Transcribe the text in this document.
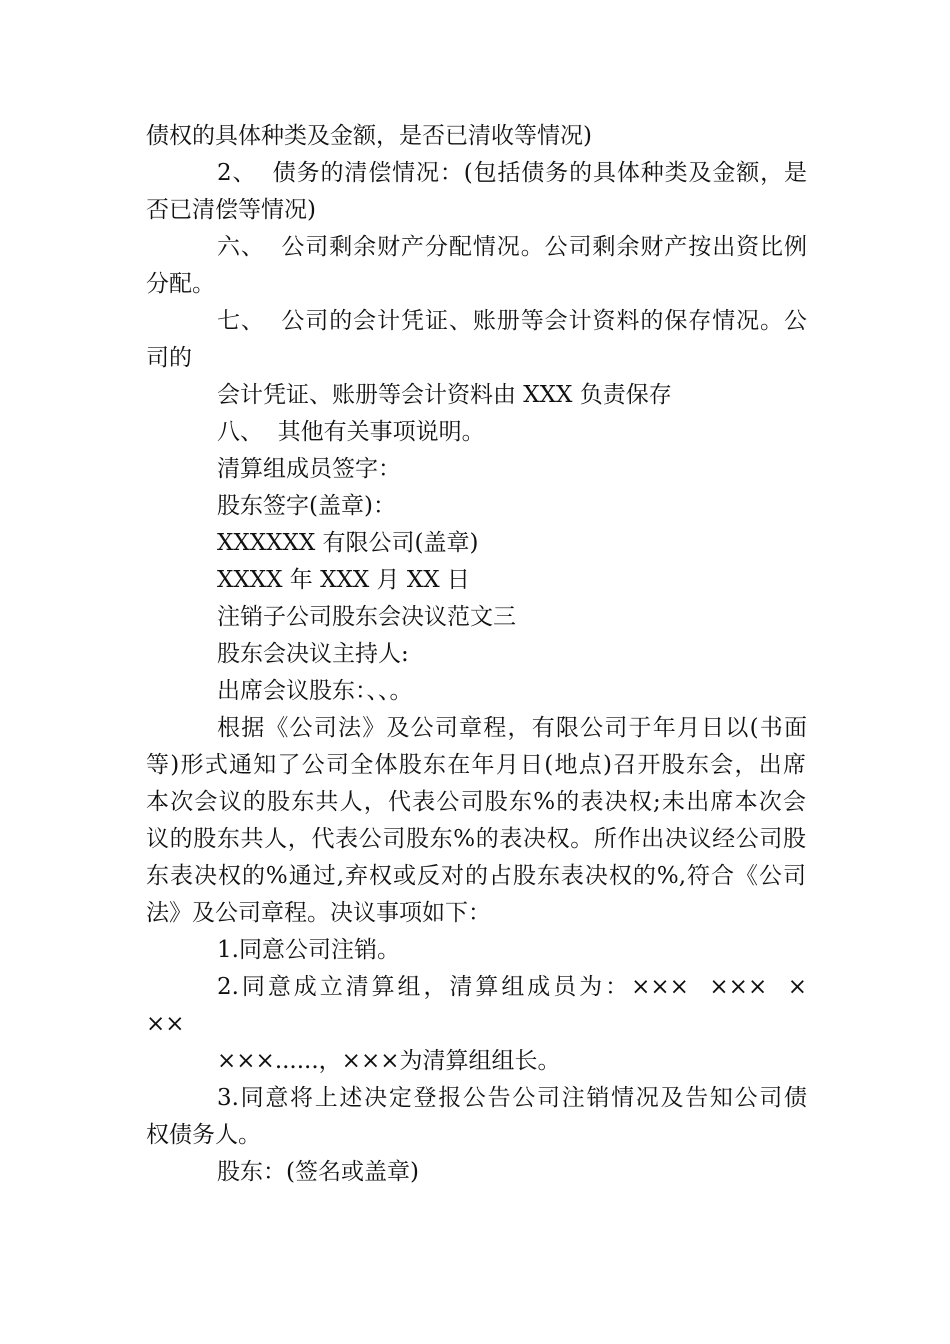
债权的具体种类及金额，是否已清收等情况)
2、  债务的清偿情况：(包括债务的具体种类及金额，是
否已清偿等情况)
六、  公司剩余财产分配情况。公司剩余财产按出资比例
分配。
七、  公司的会计凭证、账册等会计资料的保存情况。公
司的
会计凭证、账册等会计资料由 XXX 负责保存
八、  其他有关事项说明。
清算组成员签字：
股东签字(盖章)：
XXXXXX 有限公司(盖章)
XXXX 年 XXX 月 XX 日
注销子公司股东会决议范文三
股东会决议主持人:
出席会议股东：、、。
根据《公司法》及公司章程，有限公司于年月日以(书面
等)形式通知了公司全体股东在年月日(地点)召开股东会，出席
本次会议的股东共人，代表公司股东%的表决权;未出席本次会
议的股东共人，代表公司股东%的表决权。所作出决议经公司股
东表决权的%通过,弃权或反对的占股东表决权的%,符合《公司
法》及公司章程。决议事项如下：
1.同意公司注销。
2.同意成立清算组，清算组成员为：×××  ×××  ×
××
×××......，×××为清算组组长。
3.同意将上述决定登报公告公司注销情况及告知公司债
权债务人。
股东：(签名或盖章)
